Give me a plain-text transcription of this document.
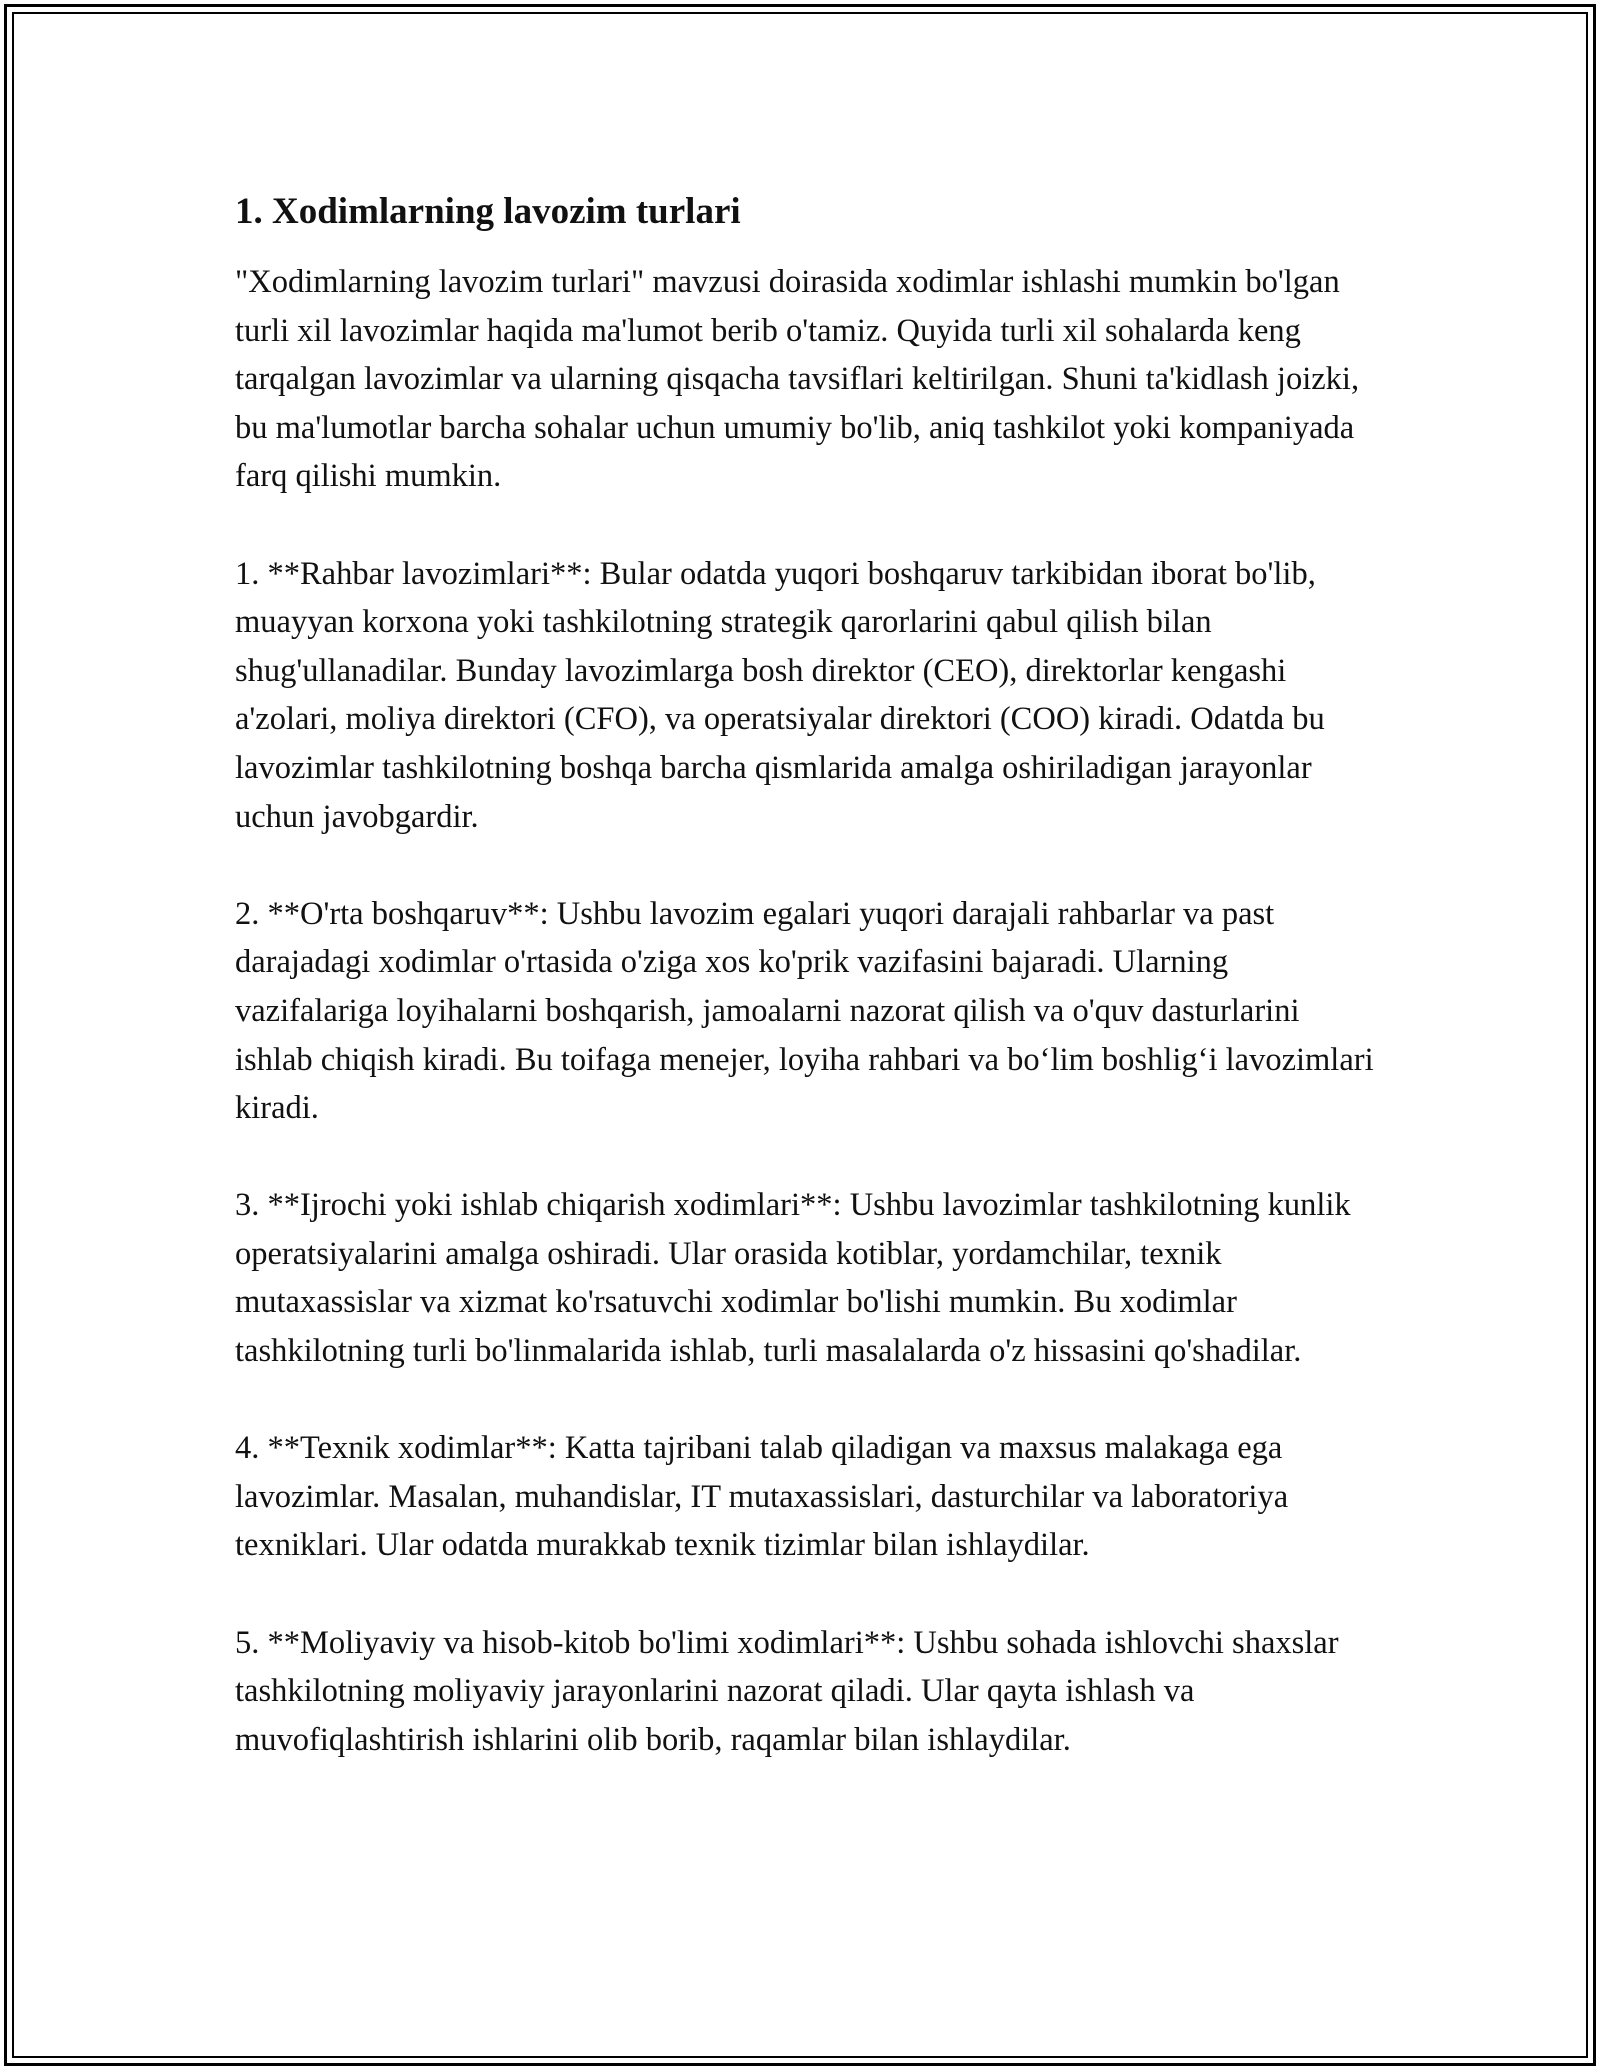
1. Xodimlarning lavozim turlari

"Xodimlarning lavozim turlari" mavzusi doirasida xodimlar ishlashi mumkin bo'lgan turli xil lavozimlar haqida ma'lumot berib o'tamiz. Quyida turli xil sohalarda keng tarqalgan lavozimlar va ularning qisqacha tavsiflari keltirilgan. Shuni ta'kidlash joizki, bu ma'lumotlar barcha sohalar uchun umumiy bo'lib, aniq tashkilot yoki kompaniyada farq qilishi mumkin.

1. **Rahbar lavozimlari**: Bular odatda yuqori boshqaruv tarkibidan iborat bo'lib, muayyan korxona yoki tashkilotning strategik qarorlarini qabul qilish bilan shug'ullanadilar. Bunday lavozimlarga bosh direktor (CEO), direktorlar kengashi a'zolari, moliya direktori (CFO), va operatsiyalar direktori (COO) kiradi. Odatda bu lavozimlar tashkilotning boshqa barcha qismlarida amalga oshiriladigan jarayonlar uchun javobgardir.

2. **O'rta boshqaruv**: Ushbu lavozim egalari yuqori darajali rahbarlar va past darajadagi xodimlar o'rtasida o'ziga xos ko'prik vazifasini bajaradi. Ularning vazifalariga loyihalarni boshqarish, jamoalarni nazorat qilish va o'quv dasturlarini ishlab chiqish kiradi. Bu toifaga menejer, loyiha rahbari va bo‘lim boshlig‘i lavozimlari kiradi.

3. **Ijrochi yoki ishlab chiqarish xodimlari**: Ushbu lavozimlar tashkilotning kunlik operatsiyalarini amalga oshiradi. Ular orasida kotiblar, yordamchilar, texnik mutaxassislar va xizmat ko'rsatuvchi xodimlar bo'lishi mumkin. Bu xodimlar tashkilotning turli bo'linmalarida ishlab, turli masalalarda o'z hissasini qo'shadilar.

4. **Texnik xodimlar**: Katta tajribani talab qiladigan va maxsus malakaga ega lavozimlar. Masalan, muhandislar, IT mutaxassislari, dasturchilar va laboratoriya texniklari. Ular odatda murakkab texnik tizimlar bilan ishlaydilar.

5. **Moliyaviy va hisob-kitob bo'limi xodimlari**: Ushbu sohada ishlovchi shaxslar tashkilotning moliyaviy jarayonlarini nazorat qiladi. Ular qayta ishlash va muvofiqlashtirish ishlarini olib borib, raqamlar bilan ishlaydilar.
